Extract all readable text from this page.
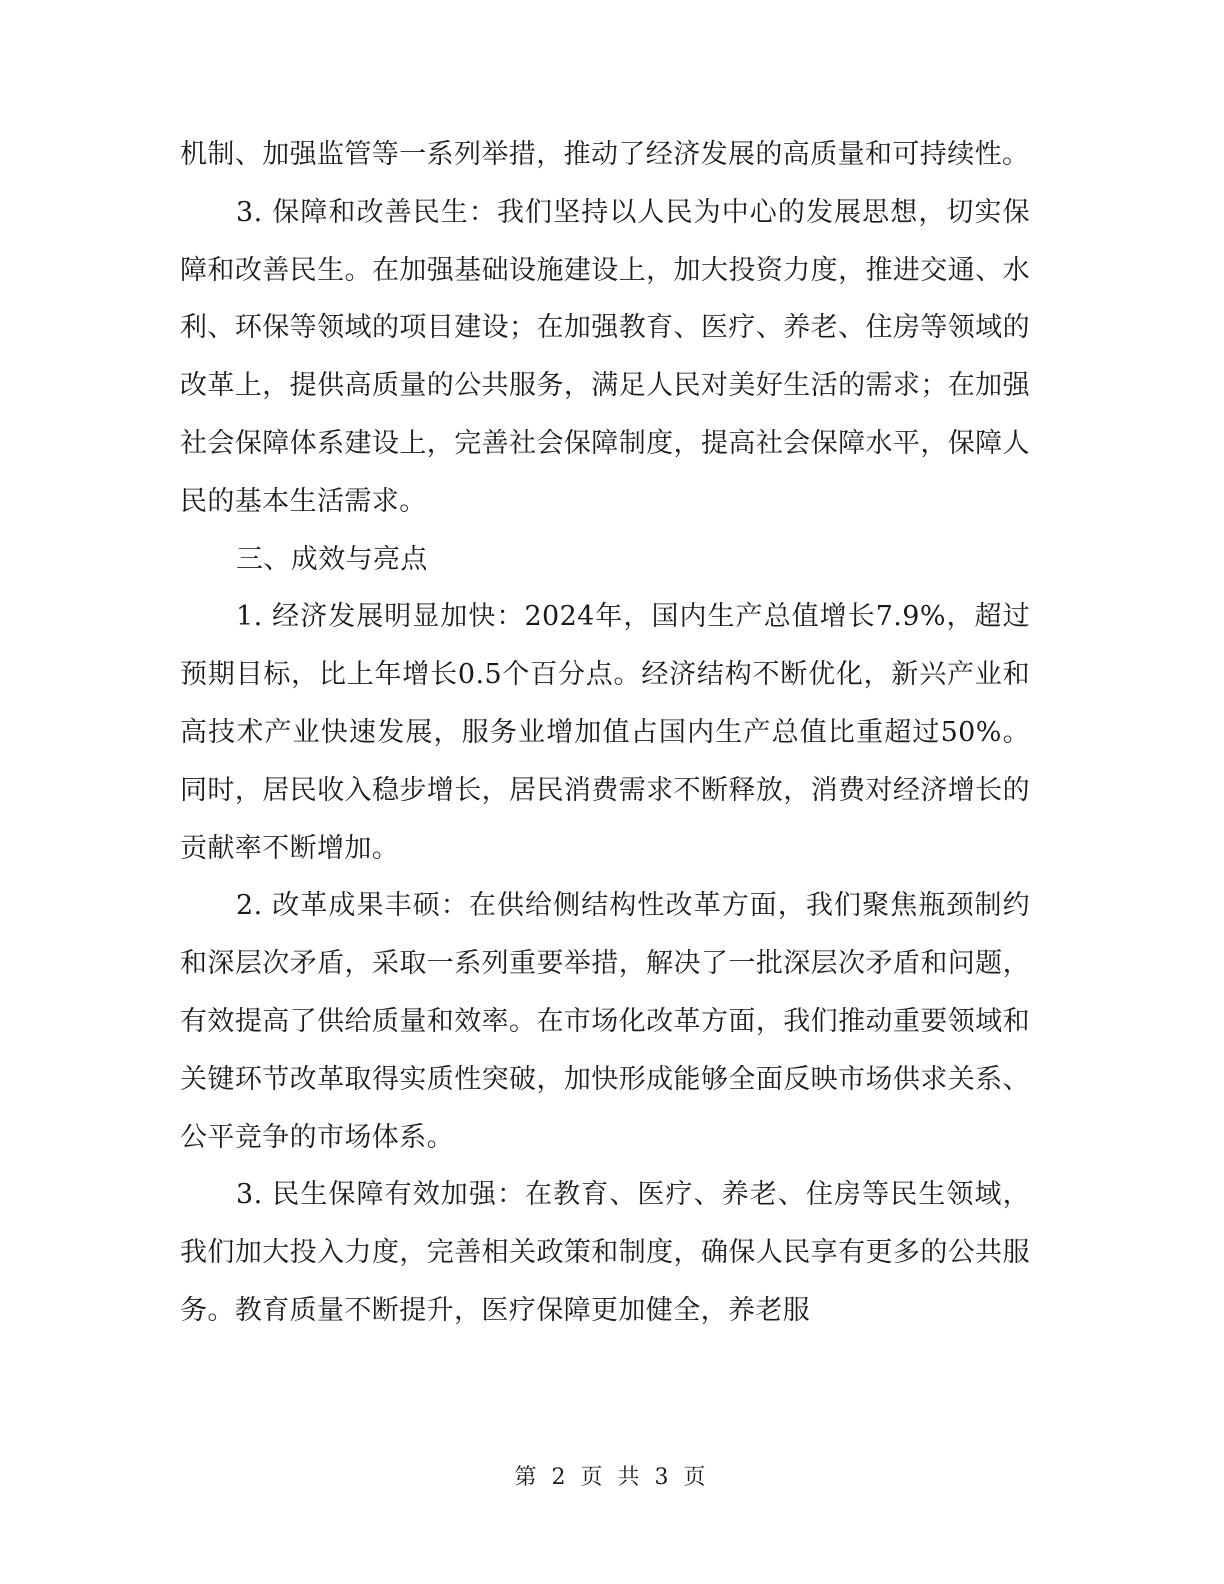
机制、加强监管等一系列举措，推动了经济发展的高质量和可持续性。

3. 保障和改善民生：我们坚持以人民为中心的发展思想，切实保障和改善民生。在加强基础设施建设上，加大投资力度，推进交通、水利、环保等领域的项目建设；在加强教育、医疗、养老、住房等领域的改革上，提供高质量的公共服务，满足人民对美好生活的需求；在加强社会保障体系建设上，完善社会保障制度，提高社会保障水平，保障人民的基本生活需求。

三、成效与亮点

1. 经济发展明显加快：2024年，国内生产总值增长7.9%，超过预期目标，比上年增长0.5个百分点。经济结构不断优化，新兴产业和高技术产业快速发展，服务业增加值占国内生产总值比重超过50%。同时，居民收入稳步增长，居民消费需求不断释放，消费对经济增长的贡献率不断增加。

2. 改革成果丰硕：在供给侧结构性改革方面，我们聚焦瓶颈制约和深层次矛盾，采取一系列重要举措，解决了一批深层次矛盾和问题，有效提高了供给质量和效率。在市场化改革方面，我们推动重要领域和关键环节改革取得实质性突破，加快形成能够全面反映市场供求关系、公平竞争的市场体系。

3. 民生保障有效加强：在教育、医疗、养老、住房等民生领域，我们加大投入力度，完善相关政策和制度，确保人民享有更多的公共服务。教育质量不断提升，医疗保障更加健全，养老服

第 2 页 共 3 页
